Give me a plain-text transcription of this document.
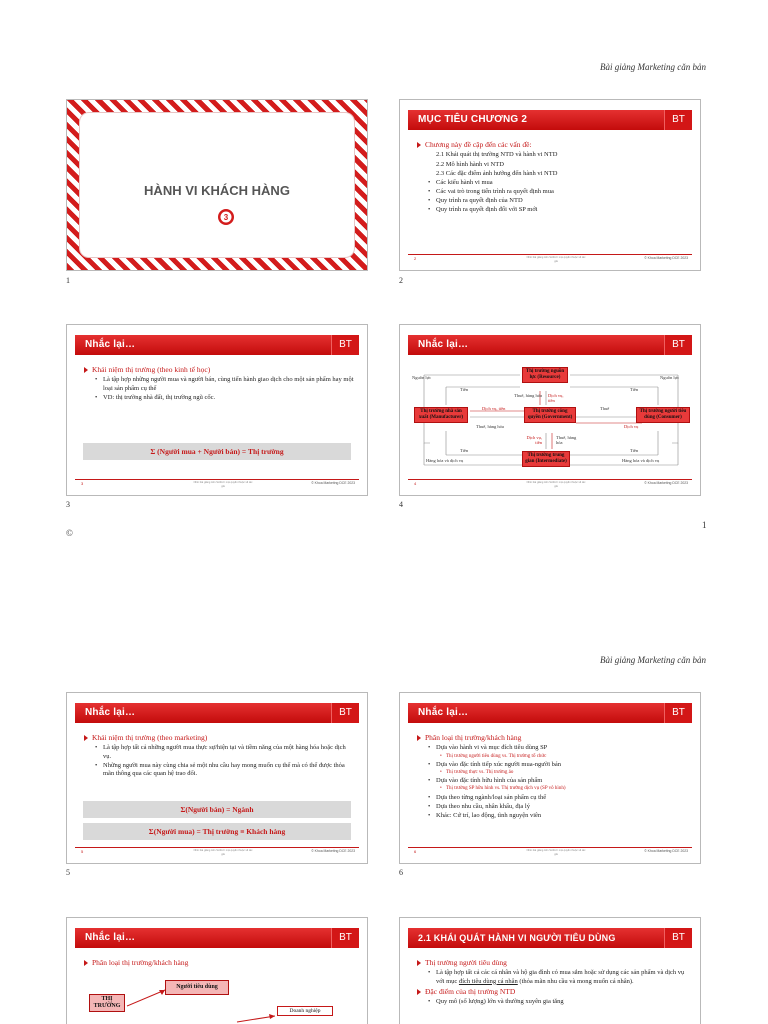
Bài giảng Marketing căn bản
HÀNH VI KHÁCH HÀNG
3
1
MỤC TIÊU CHƯƠNG 2	BT
Chương này đề cập đến các vấn đề:
2.1 Khái quát thị trường NTD và hành vi NTD
2.2 Mô hình hành vi NTD
2.3 Các đặc điểm ảnh hưởng đến hành vi NTD
• Các kiểu hành vi mua
• Các vai trò trong tiến trình ra quyết định mua
• Quy trình ra quyết định của NTD
• Quy trình ra quyết định đối với SP mới
2	Nhìn bài giảng trên Scribd / mọi quyền thuộc về tác giả
© Khoa Marketing DCE 2023
2
Nhắc lại…	BT
Khái niệm thị trường (theo kinh tế học)
• Là tập hợp những người mua và người bán, cùng tiến hành giao dịch cho một sản phẩm hay một loại sản phẩm cụ thể
• VD: thị trường nhà đất, thị trường ngũ cốc.
Σ (Người mua + Người bán) = Thị trường
3	Nhìn bài giảng trên Scribd / mọi quyền thuộc về tác giả
© Khoa Marketing DCE 2023
3
Nhắc lại…	BT
Thị trường nguồn lực (Resource)
Thị trường nhà sản xuất (Manufacturer)
Thị trường công quyền (Government)
Thị trường người tiêu dùng (Consumer)
Thị trường trung gian (Intermediate)
Nguồn lực	Nguồn lực
Tiền	Tiền
Thuế, hàng hóa Dịch vụ, tiền
Dịch vụ, tiền	Thuế
Thuế, hàng hóa	Dịch vụ
Dịch vụ, tiền
Thuế, hàng hóa
Tiền	Tiền
Hàng hóa và dịch vụ	Hàng hóa và dịch vụ
4	Nhìn bài giảng trên Scribd / mọi quyền thuộc về tác giả
© Khoa Marketing DCE 2023
4
©
1
Bài giảng Marketing căn bản
Nhắc lại…	BT
Khái niệm thị trường (theo marketing)
• Là tập hợp tất cả những người mua thực sự/hiện tại và tiềm năng của một hàng hóa hoặc dịch vụ.
• Những người mua này cùng chia sẻ một nhu cầu hay mong muốn cụ thể mà có thể được thỏa mãn thông qua các quan hệ trao đổi.
Σ(Người bán) = Ngành
Σ(Người mua) = Thị trường ≡ Khách hàng
5	Nhìn bài giảng trên Scribd / mọi quyền thuộc về tác giả
© Khoa Marketing DCE 2023
5
Nhắc lại…	BT
Phân loại thị trường/khách hàng
• Dựa vào hành vi và mục đích tiêu dùng SP
• Thị trường người tiêu dùng vs. Thị trường tổ chức
• Dựa vào đặc tính tiếp xúc người mua-người bán
• Thị trường thực vs. Thị trường ảo
• Dựa vào đặc tính hữu hình của sản phẩm
• Thị trường SP hữu hình vs. Thị trường dịch vụ (SP vô hình)
• Dựa theo từng ngành/loại sản phẩm cụ thể
• Dựa theo nhu cầu, nhân khẩu, địa lý
• Khác: Cứ trí, lao động, tình nguyện viên
6	Nhìn bài giảng trên Scribd / mọi quyền thuộc về tác giả
© Khoa Marketing DCE 2023
6
Nhắc lại…	BT
Phân loại thị trường/khách hàng
THỊ TRƯỜNG
Người tiêu dùng
Doanh nghiệp
2.1 KHÁI QUÁT HÀNH VI NGƯỜI TIÊU DÙNG	BT
Thị trường người tiêu dùng
• Là tập hợp tất cả các cá nhân và hộ gia đình có mua sắm hoặc sử dụng các sản phẩm và dịch vụ với mục đích tiêu dùng cá nhân (thỏa mãn nhu cầu và mong muốn cá nhân).
Đặc điểm của thị trường NTD
• Quy mô (số lượng) lớn và thường xuyên gia tăng
